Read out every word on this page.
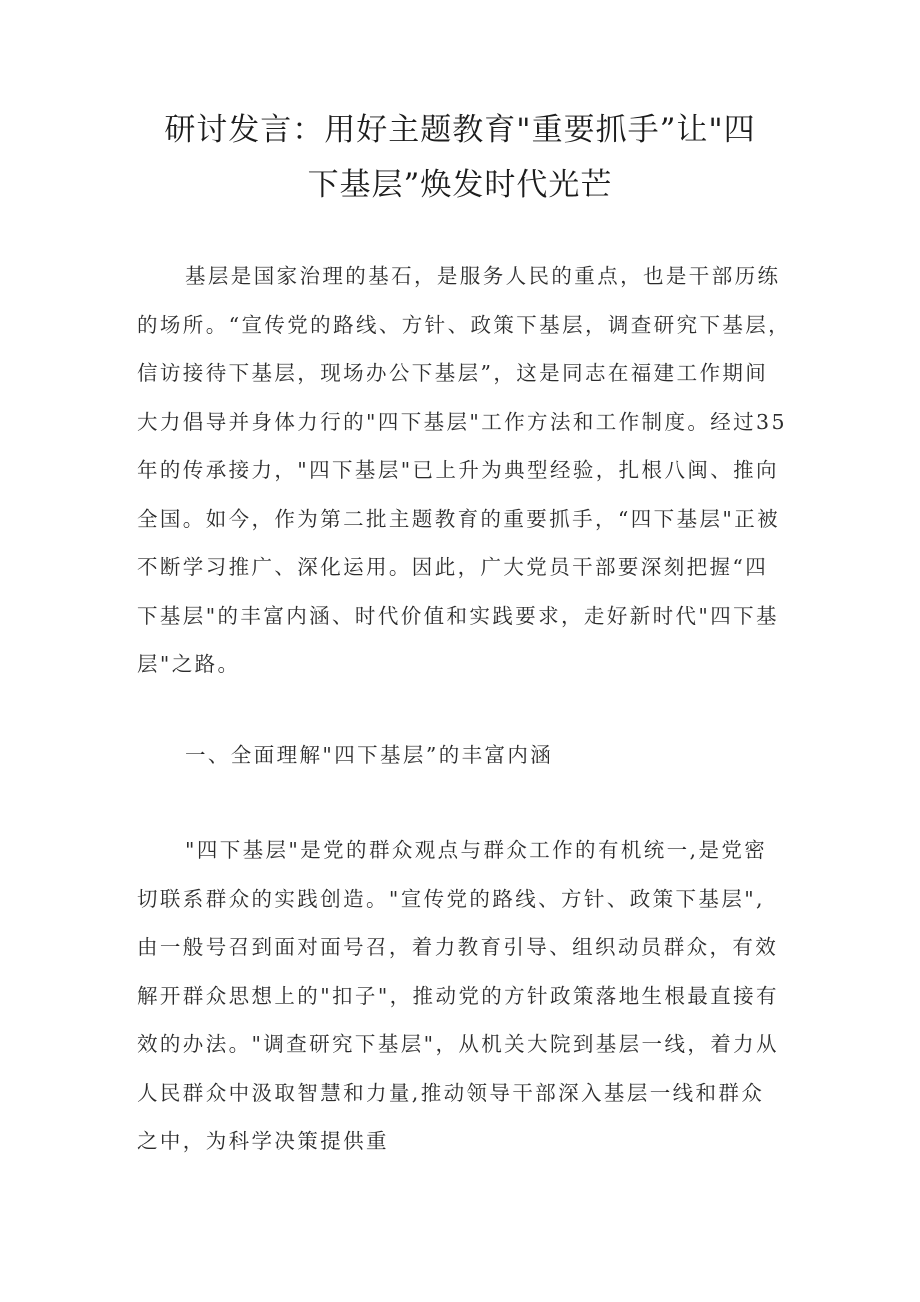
研讨发言：用好主题教育"重要抓手”让"四
下基层”焕发时代光芒

基层是国家治理的基石，是服务人民的重点，也是干部历练
的场所。“宣传党的路线、方针、政策下基层，调查研究下基层，
信访接待下基层，现场办公下基层”，这是同志在福建工作期间
大力倡导并身体力行的"四下基层"工作方法和工作制度。经过35
年的传承接力，"四下基层"已上升为典型经验，扎根八闽、推向
全国。如今，作为第二批主题教育的重要抓手，“四下基层"正被
不断学习推广、深化运用。因此，广大党员干部要深刻把握“四
下基层"的丰富内涵、时代价值和实践要求，走好新时代"四下基
层"之路。

一、全面理解"四下基层”的丰富内涵

"四下基层"是党的群众观点与群众工作的有机统一,是党密
切联系群众的实践创造。"宣传党的路线、方针、政策下基层",
由一般号召到面对面号召，着力教育引导、组织动员群众，有效
解开群众思想上的"扣子"，推动党的方针政策落地生根最直接有
效的办法。"调查研究下基层"，从机关大院到基层一线，着力从
人民群众中汲取智慧和力量,推动领导干部深入基层一线和群众
之中，为科学决策提供重
